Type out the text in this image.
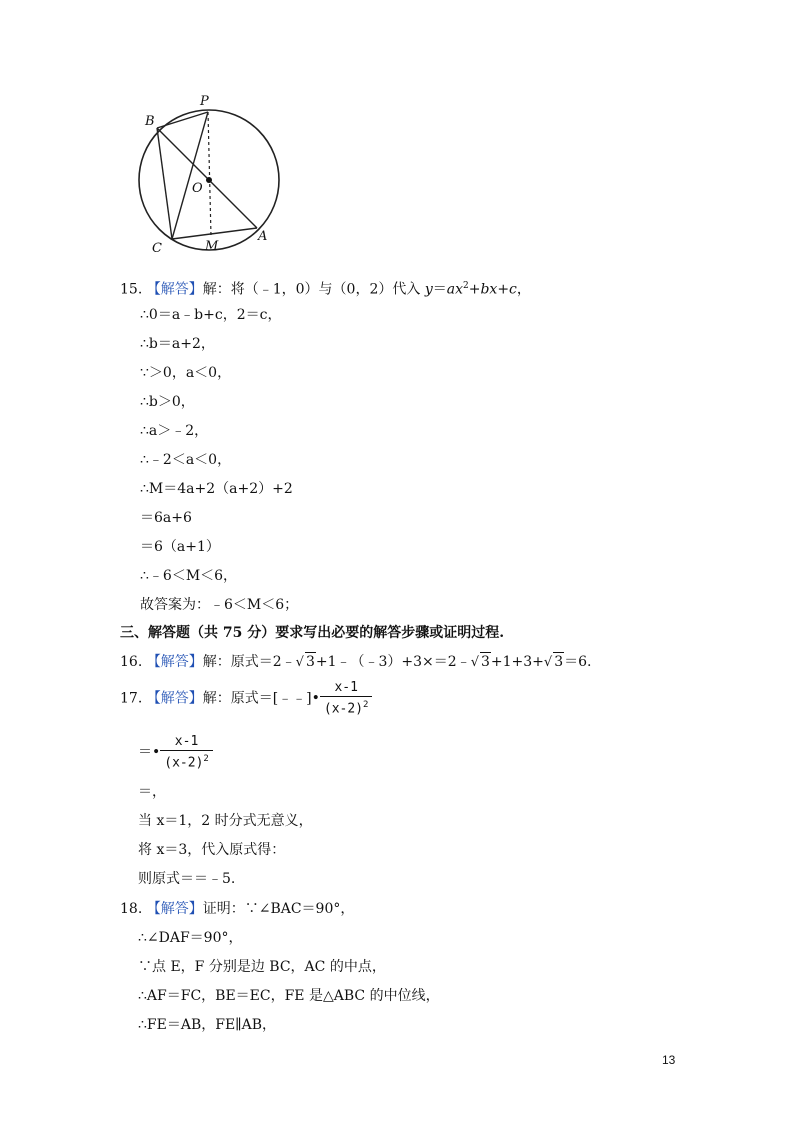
P
B
O
C	M
A
15. 【解答】解：将（﹣1，0）与（0，2）代入 $y=ax^2+bx+c$，
∴0＝a﹣b+c，2＝c，
∴b＝a+2，
∵＞0，a＜0，
∴b＞0，
∴a＞﹣2，
∴﹣2＜a＜0，
∴M＝4a+2（a+2）+2
＝6a+6
＝6（a+1）
∴﹣6＜M＜6，
故答案为：﹣6＜M＜6；
三、解答题（共 75 分）要求写出必要的解答步骤或证明过程.
16. 【解答】解：原式＝2﹣√ 3+1﹣（﹣3）+3×＝2﹣√ 3+1+3+√ 3＝6.
17. 【解答】解：原式＝[﹣﹣]• $\frac{x-1}{(x-2)^2}$
＝• $\frac{x-1}{(x-2)^2}$
＝，
当 x＝1，2 时分式无意义，
将 x＝3，代入原式得：
则原式＝＝﹣5.
18. 【解答】证明：∵∠BAC＝90°，
∴∠DAF＝90°，
∵点 E，F 分别是边 BC，AC 的中点，
∴AF＝FC，BE＝EC，FE 是△ABC 的中位线，
∴FE＝AB，FE∥AB，
13
